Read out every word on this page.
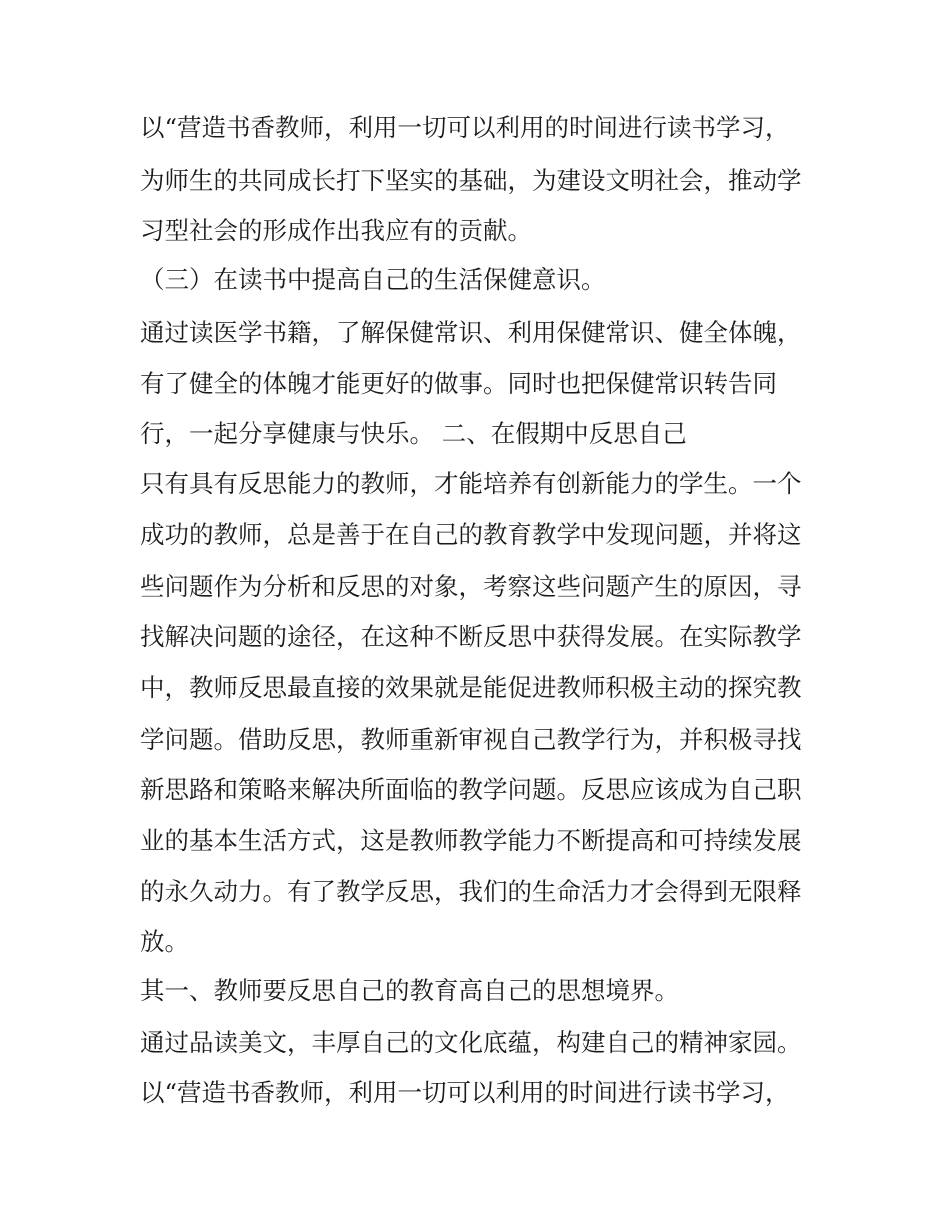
以“营造书香教师，利用一切可以利用的时间进行读书学习，
为师生的共同成长打下坚实的基础，为建设文明社会，推动学
习型社会的形成作出我应有的贡献。
（三）在读书中提高自己的生活保健意识。
通过读医学书籍，了解保健常识、利用保健常识、健全体魄，
有了健全的体魄才能更好的做事。同时也把保健常识转告同
行，一起分享健康与快乐。 二、在假期中反思自己
只有具有反思能力的教师，才能培养有创新能力的学生。一个
成功的教师，总是善于在自己的教育教学中发现问题，并将这
些问题作为分析和反思的对象，考察这些问题产生的原因，寻
找解决问题的途径，在这种不断反思中获得发展。在实际教学
中，教师反思最直接的效果就是能促进教师积极主动的探究教
学问题。借助反思，教师重新审视自己教学行为，并积极寻找
新思路和策略来解决所面临的教学问题。反思应该成为自己职
业的基本生活方式，这是教师教学能力不断提高和可持续发展
的永久动力。有了教学反思，我们的生命活力才会得到无限释
放。
其一、教师要反思自己的教育高自己的思想境界。
通过品读美文，丰厚自己的文化底蕴，构建自己的精神家园。
以“营造书香教师，利用一切可以利用的时间进行读书学习，
